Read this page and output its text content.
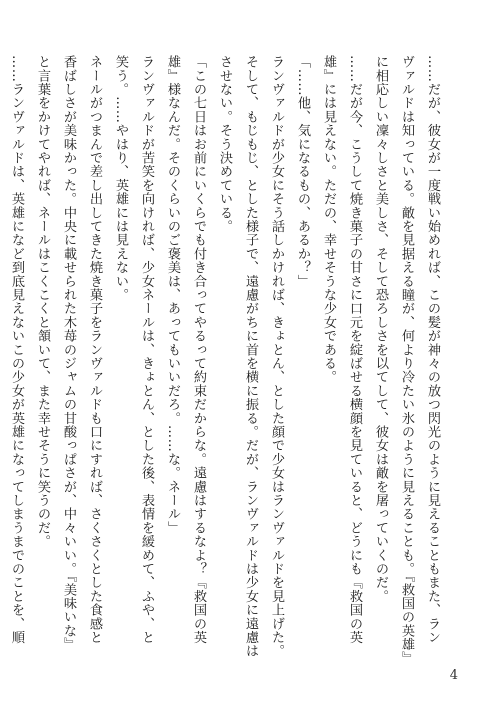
……だが、彼女が一度戦い始めれば、この髪が神々の放つ閃光のように見えることもまた、ラン
ヴァルドは知っている。敵を見据える瞳が、何より冷たい氷のように見えることも。『救国の英雄』
に相応しい凜々しさと美しさ、そして恐ろしさを以てして、彼女は敵を屠っていくのだ。
……だが今、こうして焼き菓子の甘さに口元を綻ばせる横顔を見ていると、どうにも『救国の英
雄』には見えない。ただの、幸せそうな少女である。
「……他、気になるもの、あるか？」
ランヴァルドが少女にそう話しかければ、きょとん、とした顔で少女はランヴァルドを見上げた。
そして、もじもじ、とした様子で、遠慮がちに首を横に振る。だが、ランヴァルドは少女に遠慮は
させない。そう決めている。
「この七日はお前にいくらでも付き合ってやるって約束だからな。遠慮はするなよ？『救国の英
雄』様なんだ。そのくらいのご褒美は、あってもいいだろ。……な。ネール」
ランヴァルドが苦笑を向ければ、少女ネールは、きょとん、とした後、表情を緩めて、ふや、と
笑う。……やはり、英雄には見えない。
ネールがつまんで差し出してきた焼き菓子をランヴァルドも口にすれば、さくさくとした食感と
香ばしさが美味かった。中央に載せられた木苺のジャムの甘酸っぱさが、中々いい。『美味いな』
と言葉をかけてやれば、ネールはこくこくと頷いて、また幸せそうに笑うのだ。
……ランヴァルドは、英雄になど到底見えないこの少女が英雄になってしまうまでのことを、順
4
